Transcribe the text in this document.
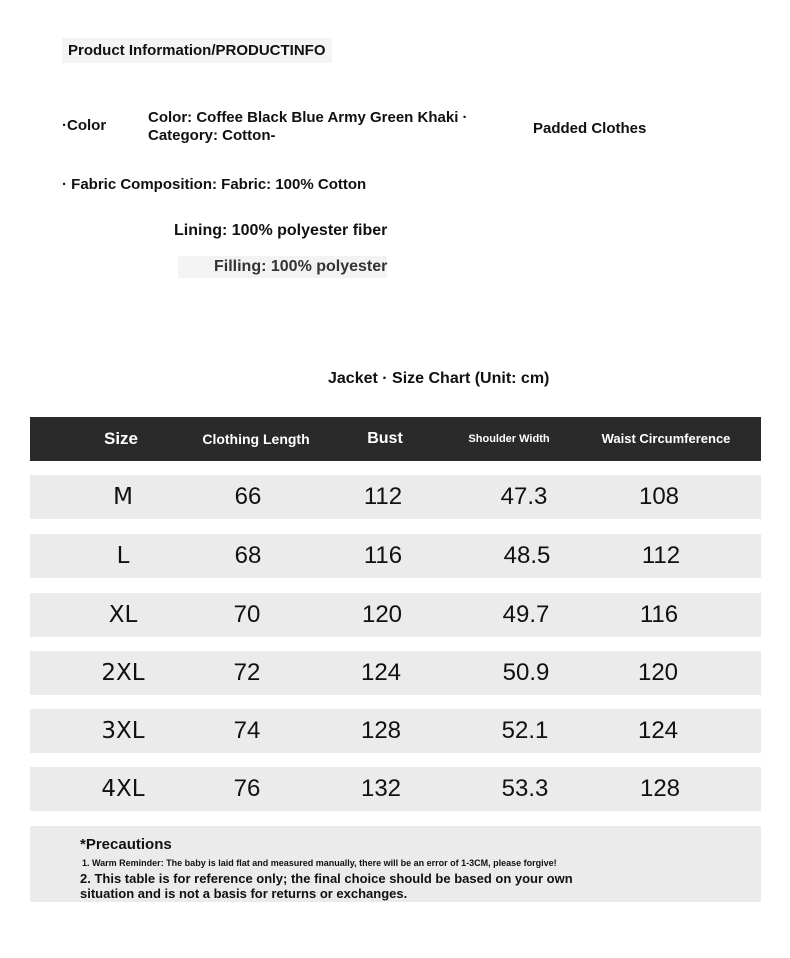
Product Information/PRODUCTINFO
·Color	Color: Coffee Black Blue Army Green Khaki ·
Category: Cotton-	Padded Clothes
· Fabric Composition: Fabric: 100% Cotton
Lining: 100% polyester fiber
Filling: 100% polyester
Jacket · Size Chart (Unit: cm)
Size	Clothing Length	Bust	Shoulder Width	Waist Circumference
M	66	112	47.3	108
L	68	116	48.5	112
XL	70	120	49.7	116
2XL	72	124	50.9	120
3XL	74	128	52.1	124
4XL	76	132	53.3	128
*Precautions
1. Warm Reminder: The baby is laid flat and measured manually, there will be an error of 1-3CM, please forgive!
2. This table is for reference only; the final choice should be based on your own situation and is not a basis for returns or exchanges.
